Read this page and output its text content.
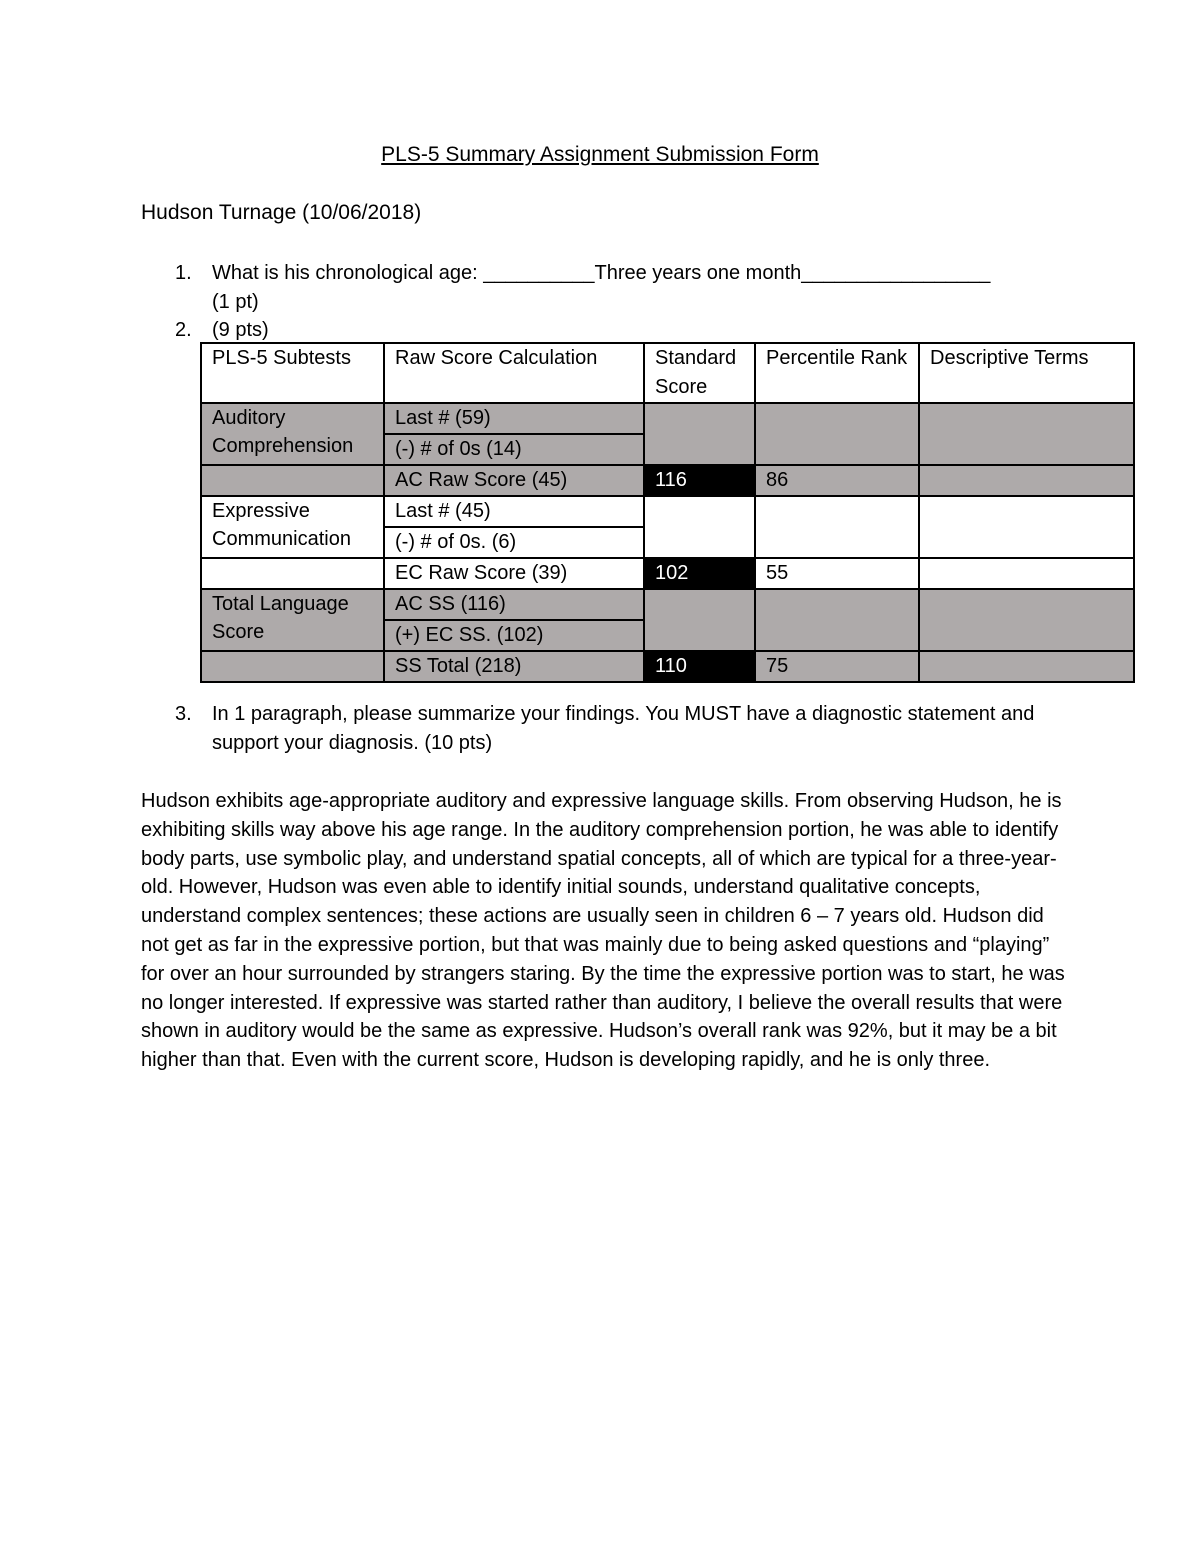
PLS-5 Summary Assignment Submission Form
Hudson Turnage (10/06/2018)
1. What is his chronological age: __________Three years one month_________________
(1 pt)
2. (9 pts)
PLS-5 Subtests	Raw Score Calculation	Standard Score	Percentile Rank	Descriptive Terms
Auditory Comprehension	Last # (59)			
	(-) # of 0s (14)			
	AC Raw Score (45)	116	86	
Expressive Communication	Last # (45)			
	(-) # of 0s. (6)			
	EC Raw Score (39)	102	55	
Total Language Score	AC SS (116)			
	(+) EC SS. (102)			
	SS Total (218)	110	75	
3. In 1 paragraph, please summarize your findings. You MUST have a diagnostic statement and support your diagnosis. (10 pts)
Hudson exhibits age-appropriate auditory and expressive language skills. From observing Hudson, he is exhibiting skills way above his age range. In the auditory comprehension portion, he was able to identify body parts, use symbolic play, and understand spatial concepts, all of which are typical for a three-year-old. However, Hudson was even able to identify initial sounds, understand qualitative concepts, understand complex sentences; these actions are usually seen in children 6 – 7 years old. Hudson did not get as far in the expressive portion, but that was mainly due to being asked questions and “playing” for over an hour surrounded by strangers staring. By the time the expressive portion was to start, he was no longer interested. If expressive was started rather than auditory, I believe the overall results that were shown in auditory would be the same as expressive. Hudson’s overall rank was 92%, but it may be a bit higher than that. Even with the current score, Hudson is developing rapidly, and he is only three.
